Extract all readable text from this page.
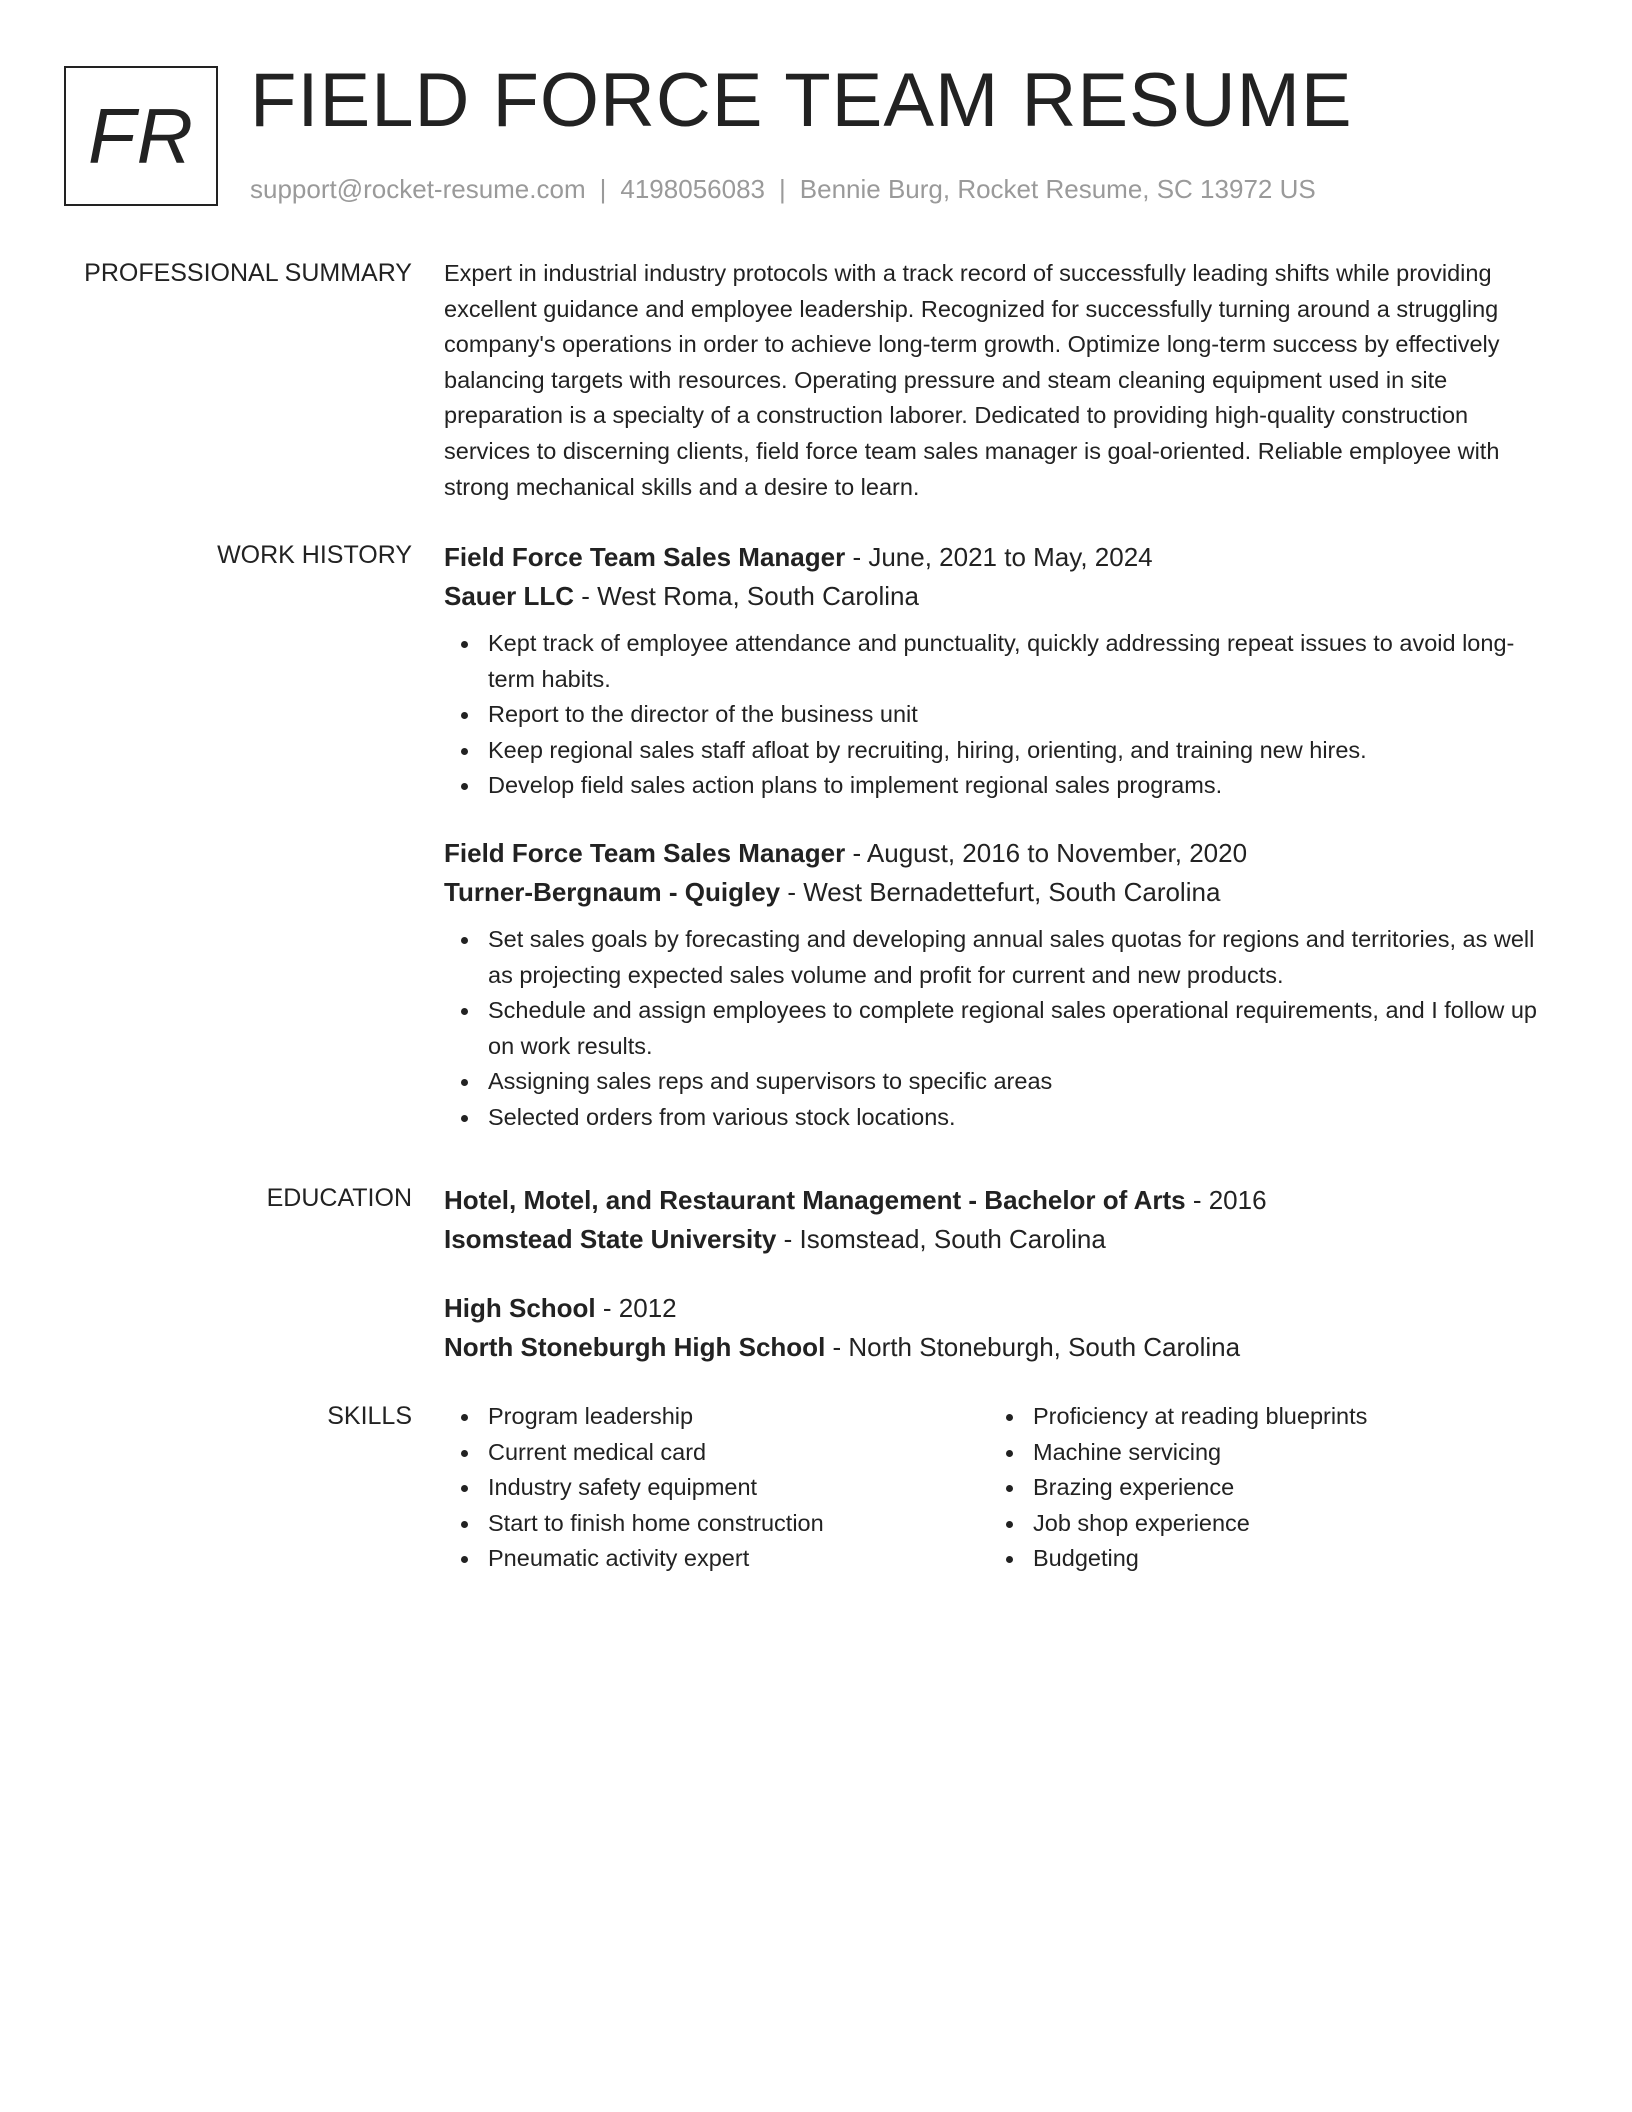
FR FIELD FORCE TEAM RESUME
support@rocket-resume.com | 4198056083 | Bennie Burg, Rocket Resume, SC 13972 US
PROFESSIONAL SUMMARY Expert in industrial industry protocols with a track record of successfully leading shifts while providing excellent guidance and employee leadership. Recognized for successfully turning around a struggling company's operations in order to achieve long-term growth. Optimize long-term success by effectively balancing targets with resources. Operating pressure and steam cleaning equipment used in site preparation is a specialty of a construction laborer. Dedicated to providing high-quality construction services to discerning clients, field force team sales manager is goal-oriented. Reliable employee with strong mechanical skills and a desire to learn.

WORK HISTORY Field Force Team Sales Manager - June, 2021 to May, 2024
Sauer LLC - West Roma, South Carolina
Kept track of employee attendance and punctuality, quickly addressing repeat issues to avoid long-term habits.
Report to the director of the business unit
Keep regional sales staff afloat by recruiting, hiring, orienting, and training new hires.
Develop field sales action plans to implement regional sales programs.
Field Force Team Sales Manager - August, 2016 to November, 2020
Turner-Bergnaum - Quigley - West Bernadettefurt, South Carolina
Set sales goals by forecasting and developing annual sales quotas for regions and territories, as well as projecting expected sales volume and profit for current and new products.
Schedule and assign employees to complete regional sales operational requirements, and I follow up on work results.
Assigning sales reps and supervisors to specific areas
Selected orders from various stock locations.
EDUCATION Hotel, Motel, and Restaurant Management - Bachelor of Arts - 2016
Isomstead State University - Isomstead, South Carolina
High School - 2012
North Stoneburgh High School - North Stoneburgh, South Carolina
SKILLS	Program leadership
Current medical card
Industry safety equipment
Start to finish home construction
Pneumatic activity expert
Proficiency at reading blueprints
Machine servicing
Brazing experience
Job shop experience
Budgeting
